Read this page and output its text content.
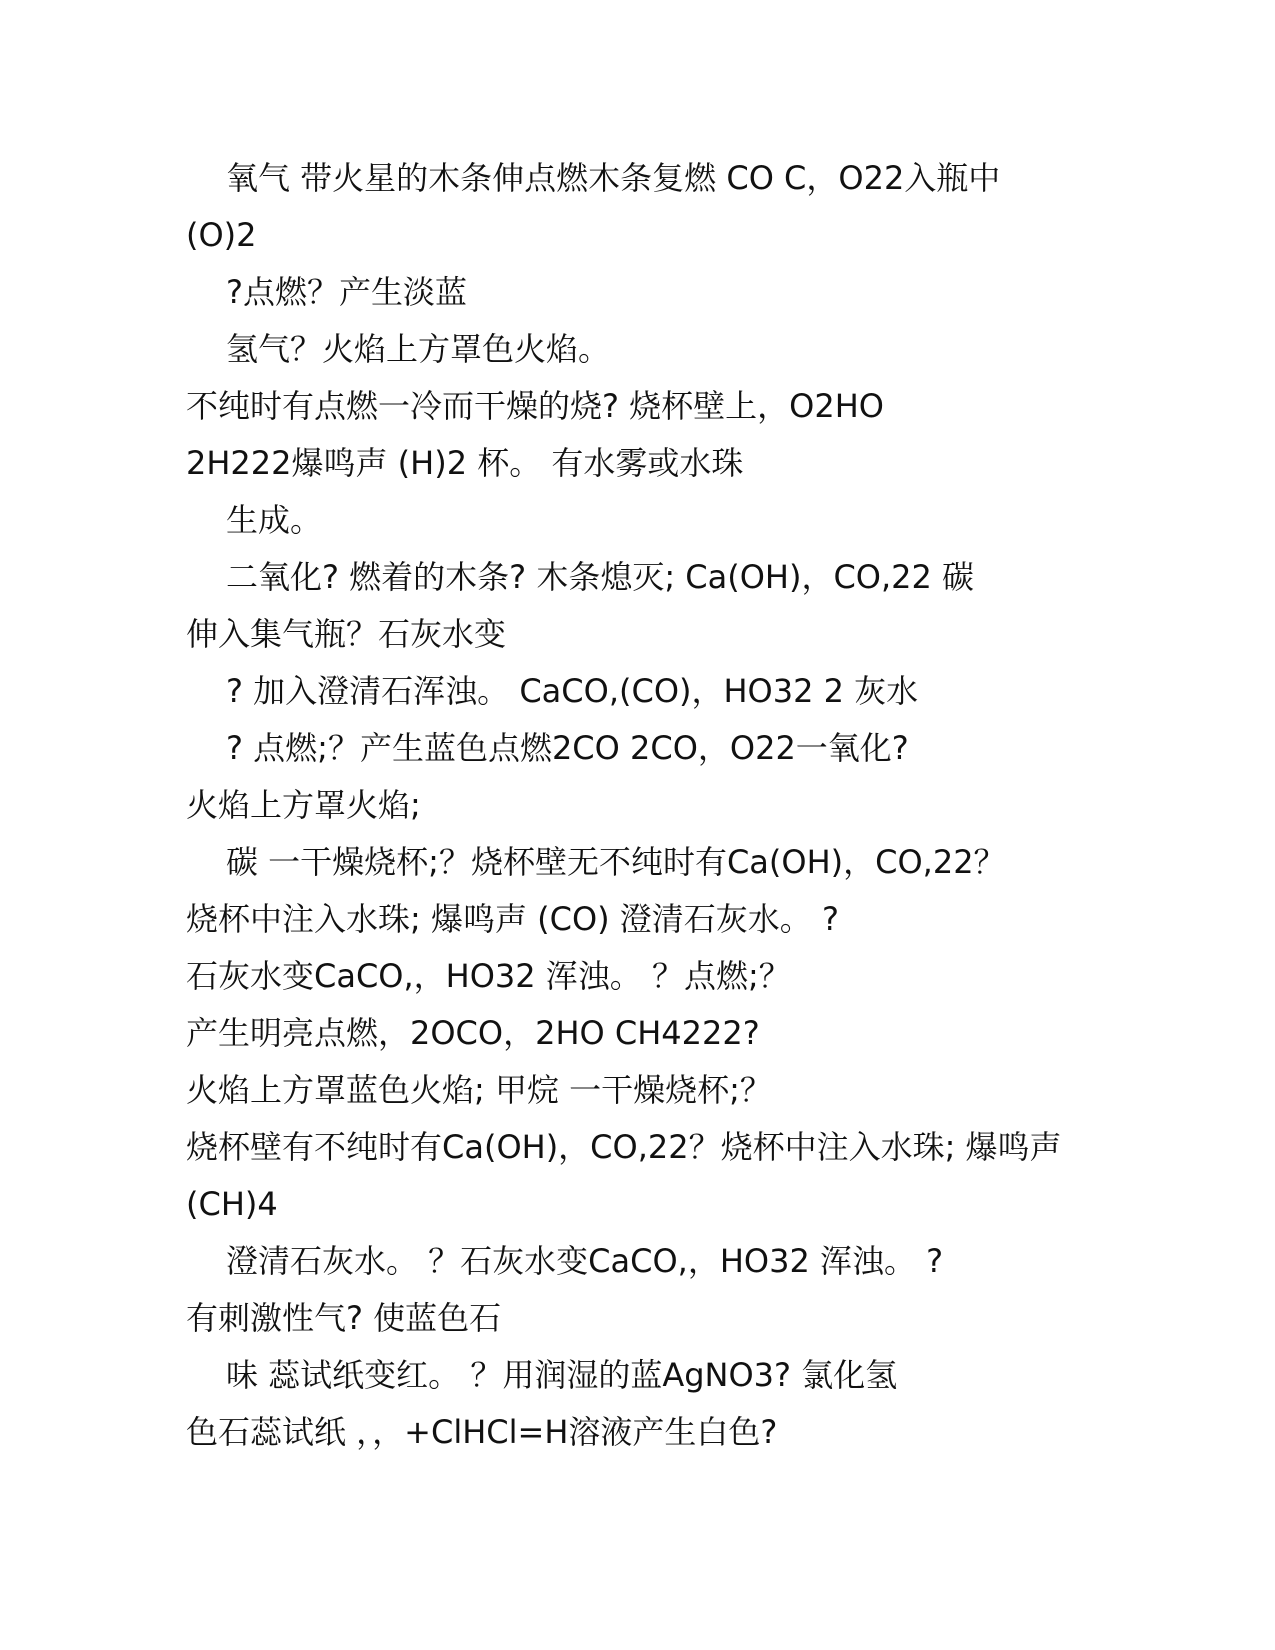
氧气 带火星的木条伸点燃木条复燃 CO C，O22入瓶中
(O)2
?点燃？产生淡蓝
氢气？火焰上方罩色火焰。
不纯时有点燃一冷而干燥的烧? 烧杯壁上，O2HO
2H222爆鸣声 (H)2 杯。 有水雾或水珠
生成。
二氧化? 燃着的木条? 木条熄灭; Ca(OH)，CO,22 碳
伸入集气瓶？石灰水变
? 加入澄清石浑浊。 CaCO,(CO)，HO32 2 灰水
? 点燃;？产生蓝色点燃2CO 2CO，O22一氧化?
火焰上方罩火焰;
碳 一干燥烧杯;？烧杯壁无不纯时有Ca(OH)，CO,22？
烧杯中注入水珠; 爆鸣声 (CO) 澄清石灰水。 ?
石灰水变CaCO,，HO32 浑浊。 ？点燃;？
产生明亮点燃，2OCO，2HO CH4222?
火焰上方罩蓝色火焰; 甲烷 一干燥烧杯;？
烧杯壁有不纯时有Ca(OH)，CO,22？烧杯中注入水珠; 爆鸣声
(CH)4
澄清石灰水。 ？石灰水变CaCO,，HO32 浑浊。 ?
有刺激性气? 使蓝色石
味 蕊试纸变红。 ？用润湿的蓝AgNO3? 氯化氢
色石蕊试纸 ，，+ClHCl=H溶液产生白色?
